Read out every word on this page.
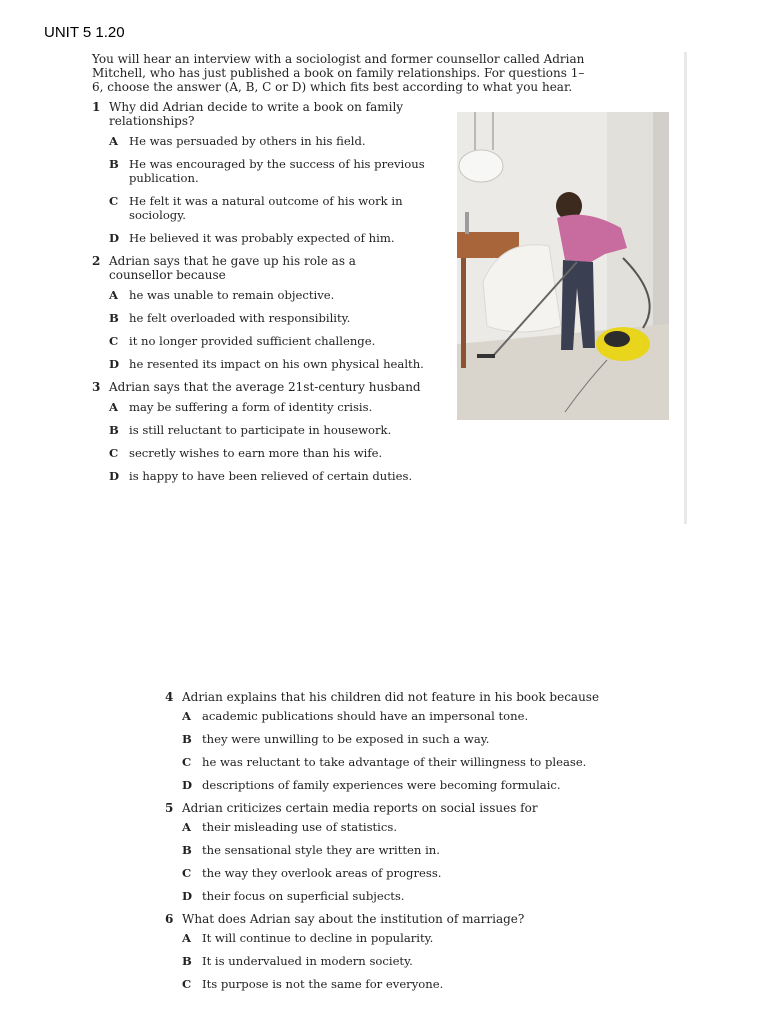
UNIT 5 1.20

You will hear an interview with a sociologist and former counsellor called Adrian Mitchell, who has just published a book on family relationships. For questions 1–6, choose the answer (A, B, C or D) which fits best according to what you hear.

1 Why did Adrian decide to write a book on family relationships?
A He was persuaded by others in his field.
B He was encouraged by the success of his previous publication.
C He felt it was a natural outcome of his work in sociology.
D He believed it was probably expected of him.
2 Adrian says that he gave up his role as a counsellor because
A he was unable to remain objective.
B he felt overloaded with responsibility.
C it no longer provided sufficient challenge.
D he resented its impact on his own physical health.
3 Adrian says that the average 21st-century husband
A may be suffering a form of identity crisis.
B is still reluctant to participate in housework.
C secretly wishes to earn more than his wife.
D is happy to have been relieved of certain duties.
4 Adrian explains that his children did not feature in his book because
A academic publications should have an impersonal tone.
B they were unwilling to be exposed in such a way.
C he was reluctant to take advantage of their willingness to please.
D descriptions of family experiences were becoming formulaic.
5 Adrian criticizes certain media reports on social issues for
A their misleading use of statistics.
B the sensational style they are written in.
C the way they overlook areas of progress.
D their focus on superficial subjects.
6 What does Adrian say about the institution of marriage?
A It will continue to decline in popularity.
B It is undervalued in modern society.
C Its purpose is not the same for everyone.
